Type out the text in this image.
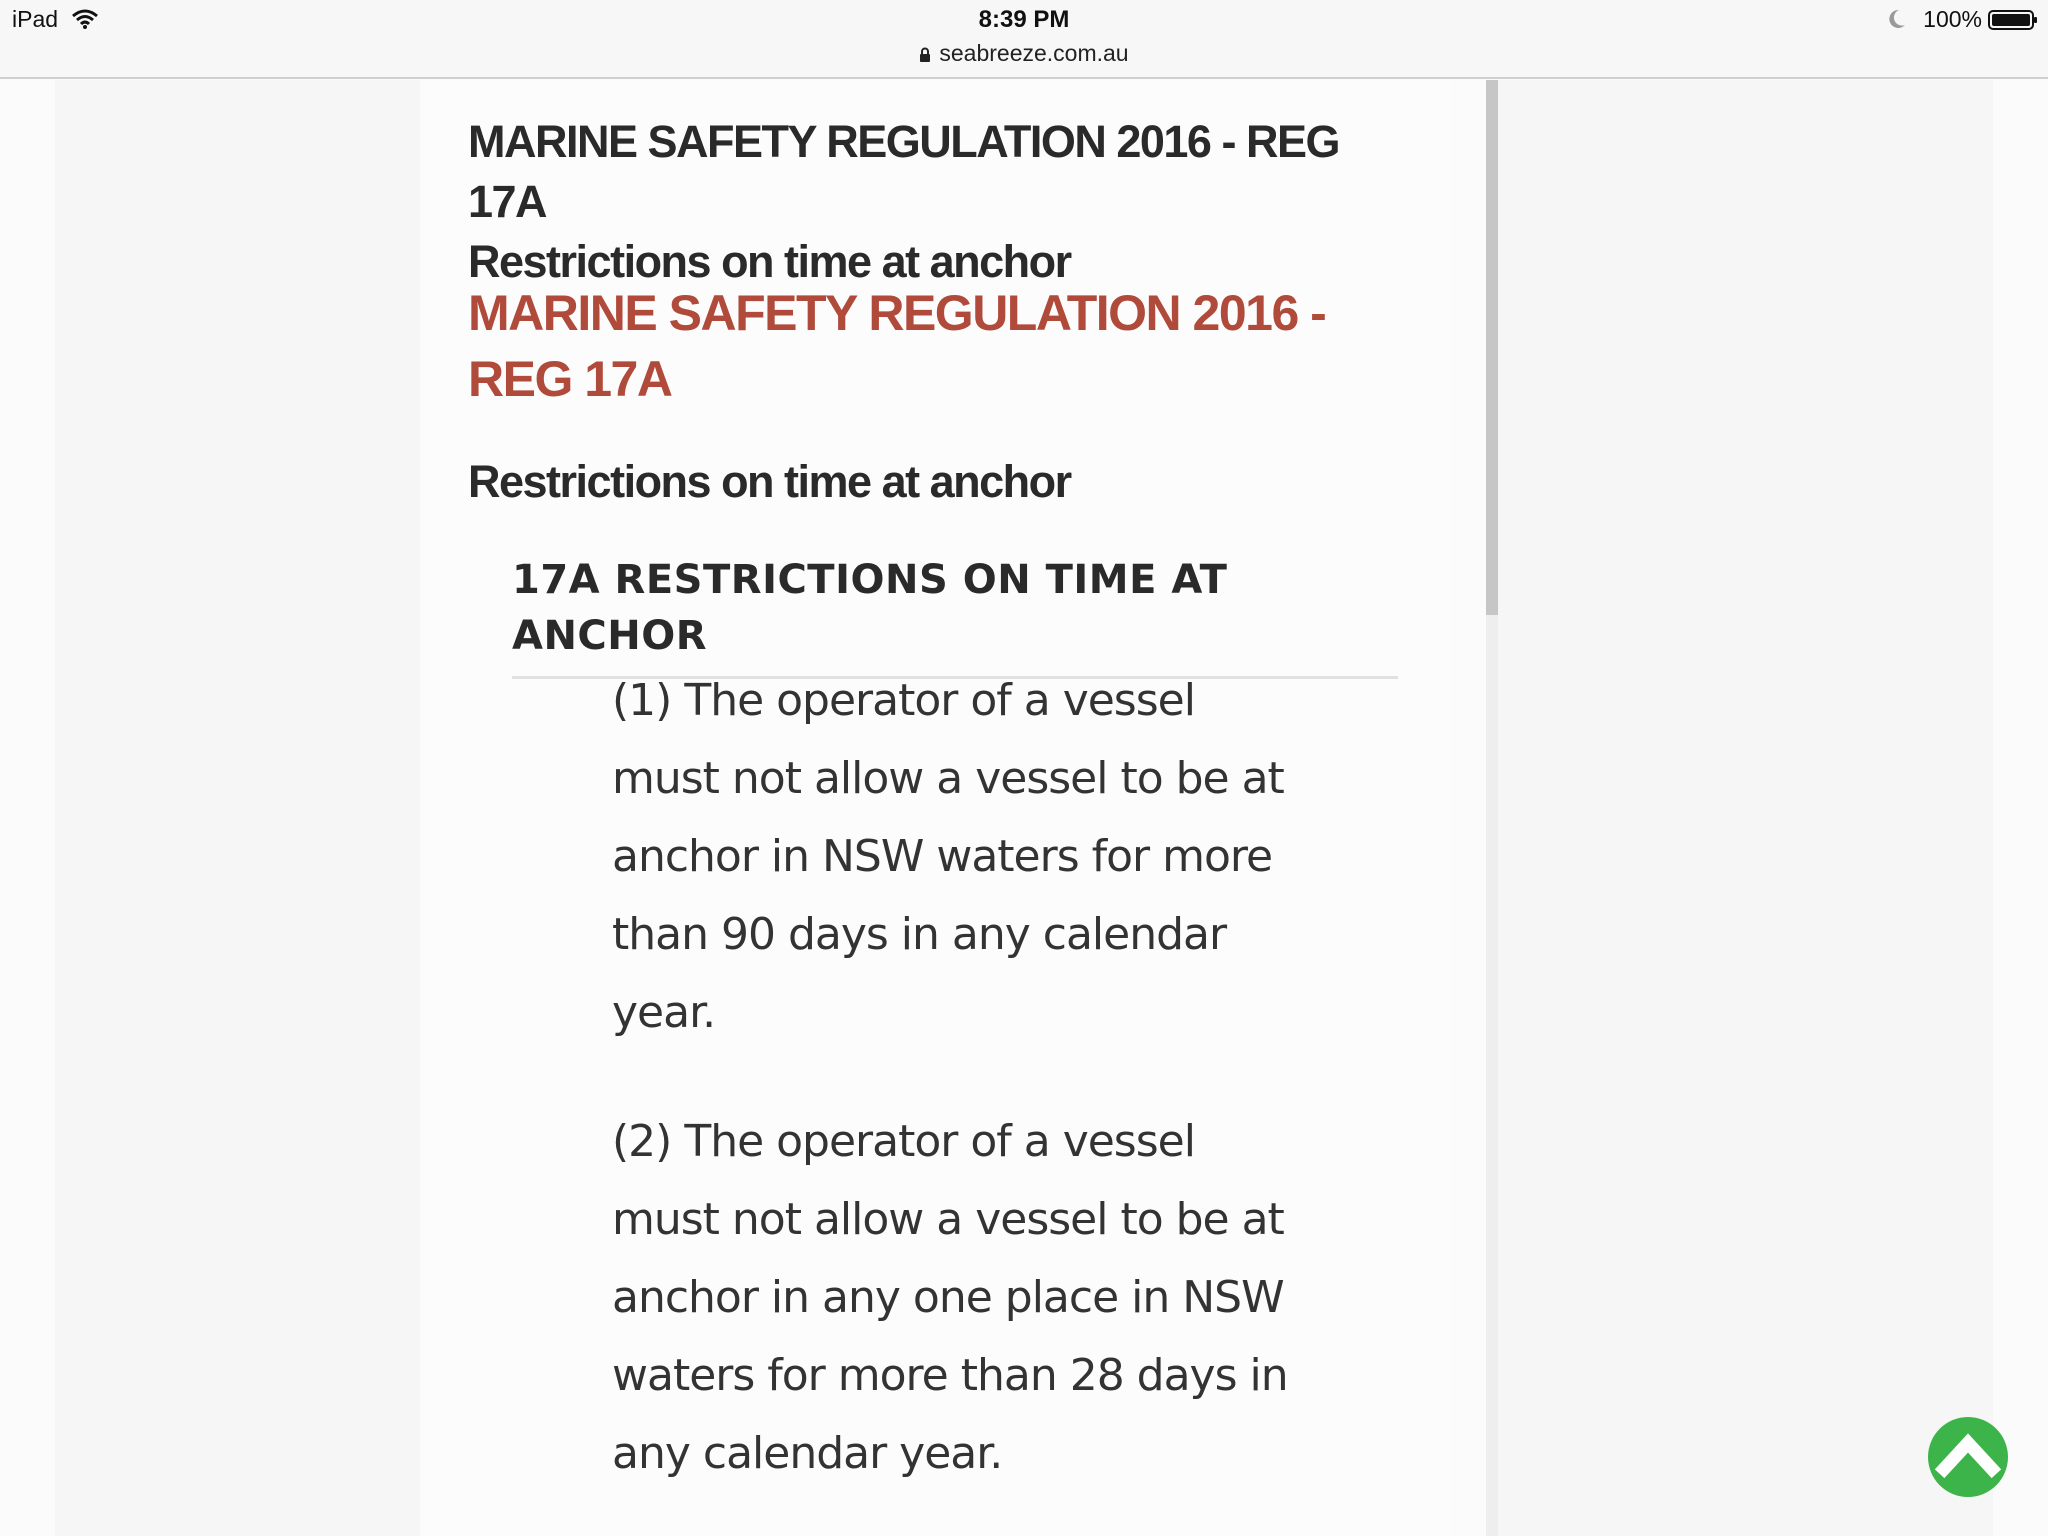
iPad	8:39 PM
seabreeze.com.au
100%
MARINE SAFETY REGULATION 2016 - REG 17A
Restrictions on time at anchor
MARINE SAFETY REGULATION 2016 -
REG 17A
Restrictions on time at anchor
17A RESTRICTIONS ON TIME AT ANCHOR

(1) The operator of a vessel must not allow a vessel to be at anchor in NSW waters for more than 90 days in any calendar year.

(2) The operator of a vessel must not allow a vessel to be at anchor in any one place in NSW waters for more than 28 days in any calendar year.
